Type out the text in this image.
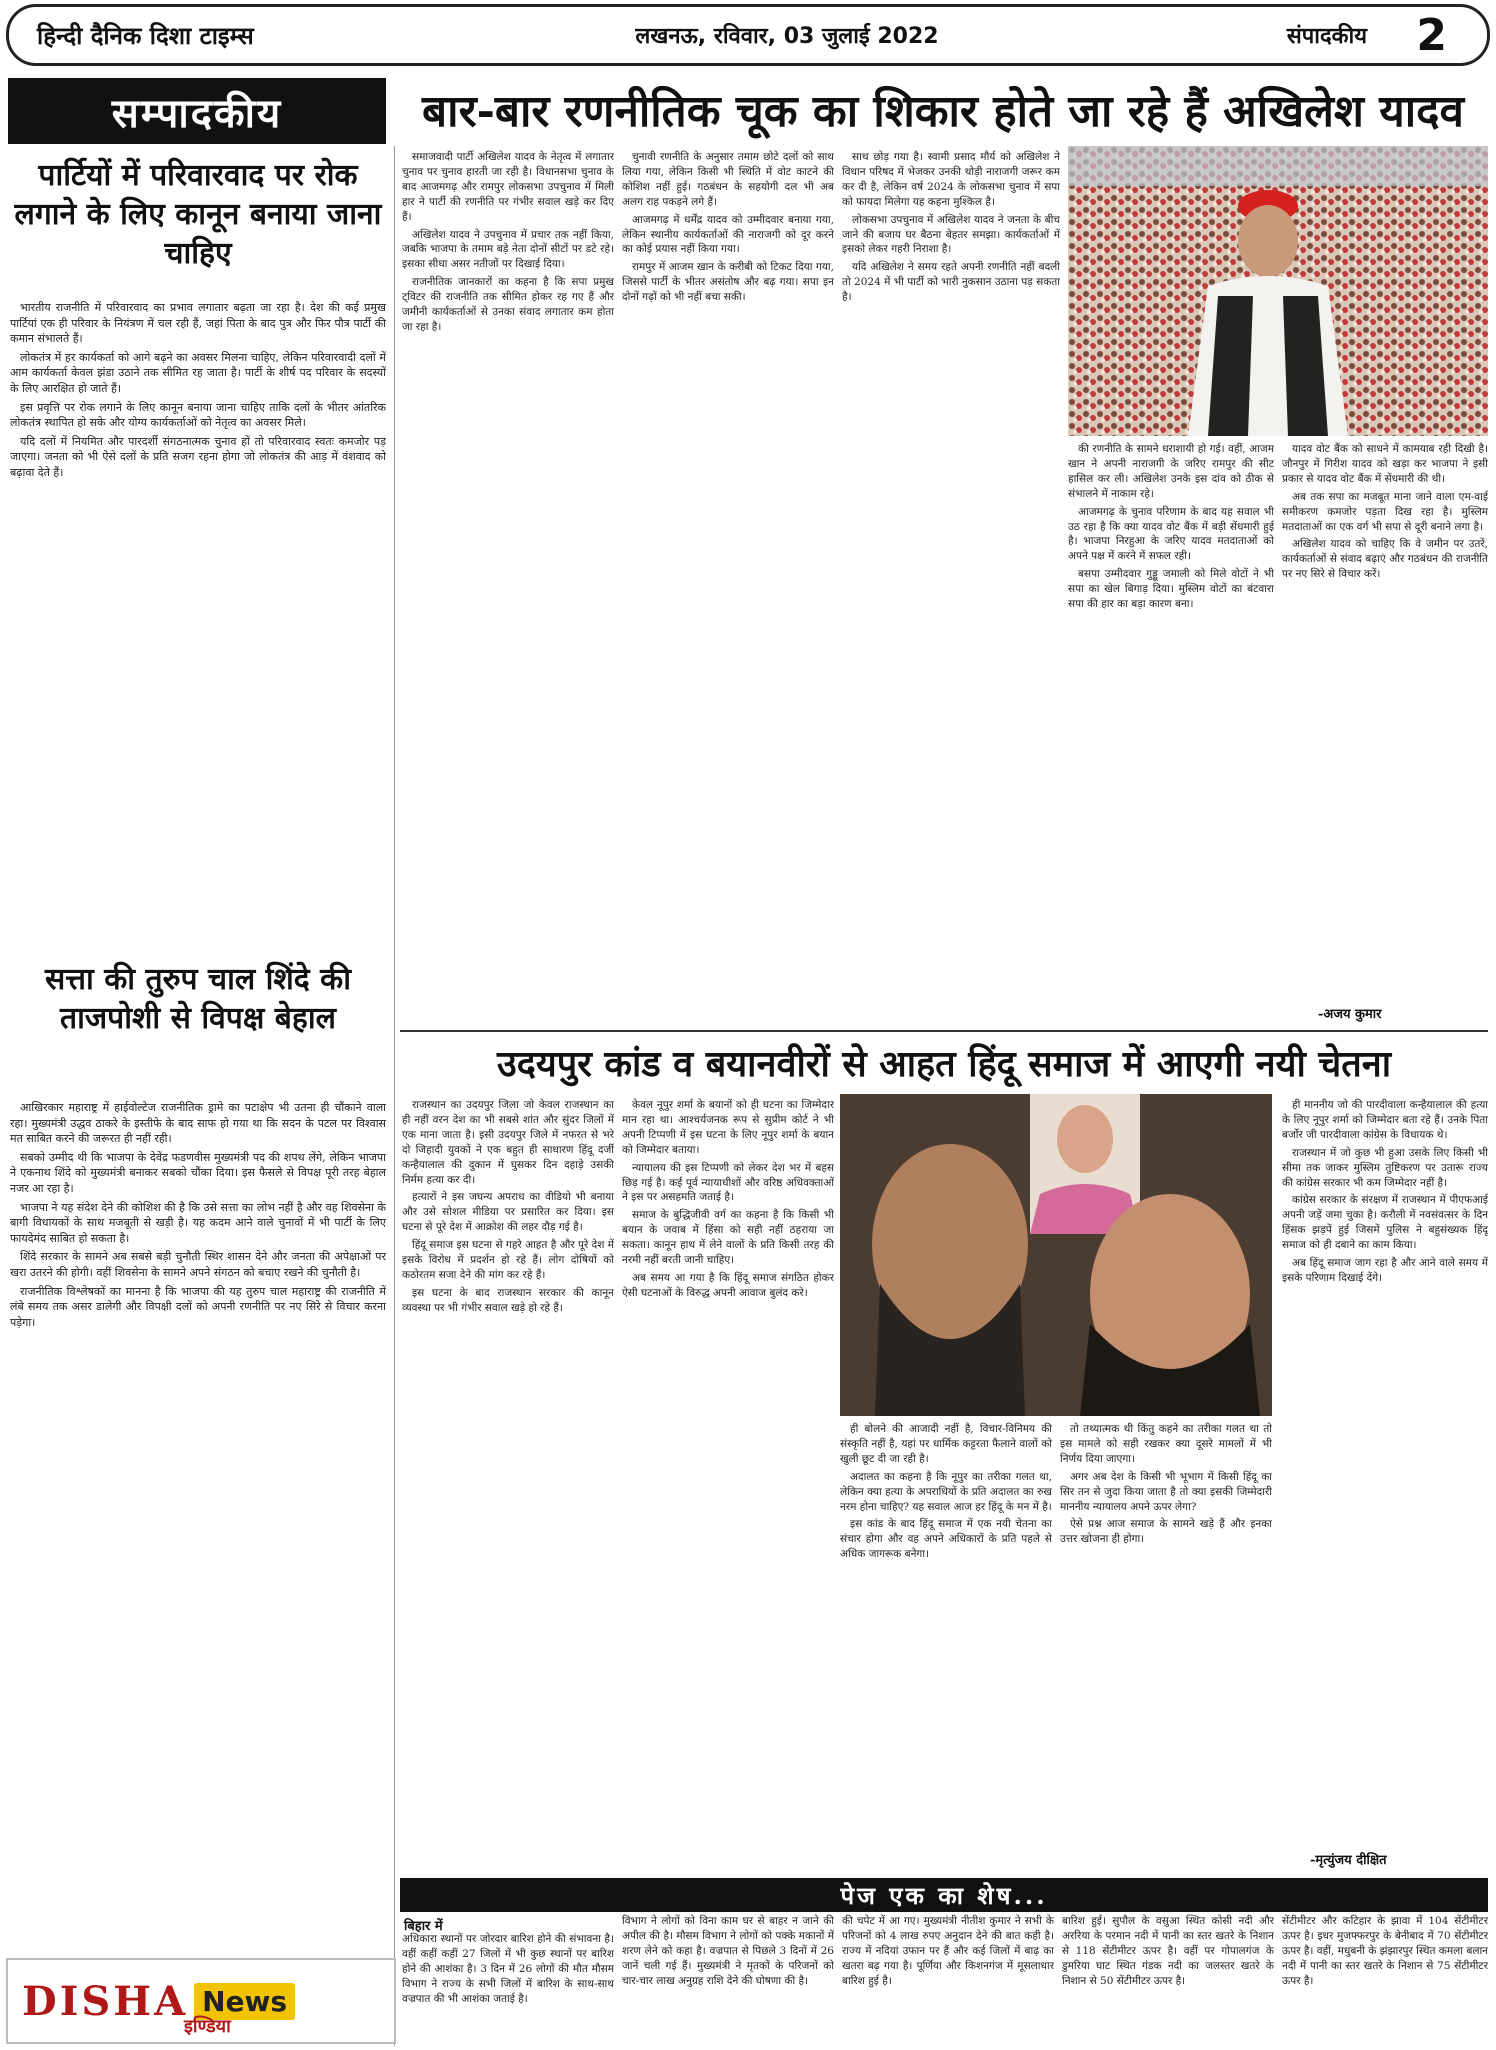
हिन्दी दैनिक दिशा टाइम्स	लखनऊ, रविवार, 03 जुलाई 2022	संपादकीय	2
सम्पादकीय	बार-बार रणनीतिक चूक का शिकार होते जा रहे हैं अखिलेश यादव
पार्टियों में परिवारवाद पर रोक लगाने के लिए कानून बनाया जाना चाहिए

भारतीय राजनीति में परिवारवाद का प्रभाव लगातार बढ़ता जा रहा है। देश की कई प्रमुख पार्टियां एक ही परिवार के नियंत्रण में चल रही हैं, जहां पिता के बाद पुत्र और फिर पौत्र पार्टी की कमान संभालते हैं।

लोकतंत्र में हर कार्यकर्ता को आगे बढ़ने का अवसर मिलना चाहिए, लेकिन परिवारवादी दलों में आम कार्यकर्ता केवल झंडा उठाने तक सीमित रह जाता है। पार्टी के शीर्ष पद परिवार के सदस्यों के लिए आरक्षित हो जाते हैं।

इस प्रवृत्ति पर रोक लगाने के लिए कानून बनाया जाना चाहिए ताकि दलों के भीतर आंतरिक लोकतंत्र स्थापित हो सके और योग्य कार्यकर्ताओं को नेतृत्व का अवसर मिले।

यदि दलों में नियमित और पारदर्शी संगठनात्मक चुनाव हों तो परिवारवाद स्वतः कमजोर पड़ जाएगा। जनता को भी ऐसे दलों के प्रति सजग रहना होगा जो लोकतंत्र की आड़ में वंशवाद को बढ़ावा देते हैं।

सत्ता की तुरुप चाल शिंदे की ताजपोशी से विपक्ष बेहाल

आखिरकार महाराष्ट्र में हाईवोल्टेज राजनीतिक ड्रामे का पटाक्षेप भी उतना ही चौंकाने वाला रहा। मुख्यमंत्री उद्धव ठाकरे के इस्तीफे के बाद साफ हो गया था कि सदन के पटल पर विश्वास मत साबित करने की जरूरत ही नहीं रही।

सबको उम्मीद थी कि भाजपा के देवेंद्र फडणवीस मुख्यमंत्री पद की शपथ लेंगे, लेकिन भाजपा ने एकनाथ शिंदे को मुख्यमंत्री बनाकर सबको चौंका दिया। इस फैसले से विपक्ष पूरी तरह बेहाल नजर आ रहा है।

भाजपा ने यह संदेश देने की कोशिश की है कि उसे सत्ता का लोभ नहीं है और वह शिवसेना के बागी विधायकों के साथ मजबूती से खड़ी है। यह कदम आने वाले चुनावों में भी पार्टी के लिए फायदेमंद साबित हो सकता है।

शिंदे सरकार के सामने अब सबसे बड़ी चुनौती स्थिर शासन देने और जनता की अपेक्षाओं पर खरा उतरने की होगी। वहीं शिवसेना के सामने अपने संगठन को बचाए रखने की चुनौती है।

राजनीतिक विश्लेषकों का मानना है कि भाजपा की यह तुरुप चाल महाराष्ट्र की राजनीति में लंबे समय तक असर डालेगी और विपक्षी दलों को अपनी रणनीति पर नए सिरे से विचार करना पड़ेगा।

समाजवादी पार्टी अखिलेश यादव के नेतृत्व में लगातार चुनाव पर चुनाव हारती जा रही है। विधानसभा चुनाव के बाद आजमगढ़ और रामपुर लोकसभा उपचुनाव में मिली हार ने पार्टी की रणनीति पर गंभीर सवाल खड़े कर दिए हैं।

अखिलेश यादव ने उपचुनाव में प्रचार तक नहीं किया, जबकि भाजपा के तमाम बड़े नेता दोनों सीटों पर डटे रहे। इसका सीधा असर नतीजों पर दिखाई दिया।

राजनीतिक जानकारों का कहना है कि सपा प्रमुख ट्विटर की राजनीति तक सीमित होकर रह गए हैं और जमीनी कार्यकर्ताओं से उनका संवाद लगातार कम होता जा रहा है।

चुनावी रणनीति के अनुसार तमाम छोटे दलों को साथ लिया गया, लेकिन किसी भी स्थिति में वोट काटने की कोशिश नहीं हुई। गठबंधन के सहयोगी दल भी अब अलग राह पकड़ने लगे हैं।

आजमगढ़ में धर्मेंद्र यादव को उम्मीदवार बनाया गया, लेकिन स्थानीय कार्यकर्ताओं की नाराजगी को दूर करने का कोई प्रयास नहीं किया गया।

रामपुर में आजम खान के करीबी को टिकट दिया गया, जिससे पार्टी के भीतर असंतोष और बढ़ गया। सपा इन दोनों गढ़ों को भी नहीं बचा सकी।

साथ छोड़ गया है। स्वामी प्रसाद मौर्य को अखिलेश ने विधान परिषद में भेजकर उनकी थोड़ी नाराजगी जरूर कम कर दी है, लेकिन वर्ष 2024 के लोकसभा चुनाव में सपा को फायदा मिलेगा यह कहना मुश्किल है।

लोकसभा उपचुनाव में अखिलेश यादव ने जनता के बीच जाने की बजाय घर बैठना बेहतर समझा। कार्यकर्ताओं में इसको लेकर गहरी निराशा है।

यदि अखिलेश ने समय रहते अपनी रणनीति नहीं बदली तो 2024 में भी पार्टी को भारी नुकसान उठाना पड़ सकता है।

की रणनीति के सामने धराशायी हो गई। वहीं, आजम खान ने अपनी नाराजगी के जरिए रामपुर की सीट हासिल कर ली। अखिलेश उनके इस दांव को ठीक से संभालने में नाकाम रहे।

आजमगढ़ के चुनाव परिणाम के बाद यह सवाल भी उठ रहा है कि क्या यादव वोट बैंक में बड़ी सेंधमारी हुई है। भाजपा निरहुआ के जरिए यादव मतदाताओं को अपने पक्ष में करने में सफल रही।

बसपा उम्मीदवार गुड्डू जमाली को मिले वोटों ने भी सपा का खेल बिगाड़ दिया। मुस्लिम वोटों का बंटवारा सपा की हार का बड़ा कारण बना।

यादव वोट बैंक को साधने में कामयाब रही दिखी है। जौनपुर में गिरीश यादव को खड़ा कर भाजपा ने इसी प्रकार से यादव वोट बैंक में सेंधमारी की थी।

अब तक सपा का मजबूत माना जाने वाला एम-वाई समीकरण कमजोर पड़ता दिख रहा है। मुस्लिम मतदाताओं का एक वर्ग भी सपा से दूरी बनाने लगा है।

अखिलेश यादव को चाहिए कि वे जमीन पर उतरें, कार्यकर्ताओं से संवाद बढ़ाएं और गठबंधन की राजनीति पर नए सिरे से विचार करें।

-अजय कुमार
उदयपुर कांड व बयानवीरों से आहत हिंदू समाज में आएगी नयी चेतना

राजस्थान का उदयपुर जिला जो केवल राजस्थान का ही नहीं वरन देश का भी सबसे शांत और सुंदर जिलों में एक माना जाता है। इसी उदयपुर जिले में नफरत से भरे दो जिहादी युवकों ने एक बहुत ही साधारण हिंदू दर्जी कन्हैयालाल की दुकान में घुसकर दिन दहाड़े उसकी निर्मम हत्या कर दी।

हत्यारों ने इस जघन्य अपराध का वीडियो भी बनाया और उसे सोशल मीडिया पर प्रसारित कर दिया। इस घटना से पूरे देश में आक्रोश की लहर दौड़ गई है।

हिंदू समाज इस घटना से गहरे आहत है और पूरे देश में इसके विरोध में प्रदर्शन हो रहे हैं। लोग दोषियों को कठोरतम सजा देने की मांग कर रहे हैं।

इस घटना के बाद राजस्थान सरकार की कानून व्यवस्था पर भी गंभीर सवाल खड़े हो रहे हैं।

केवल नूपुर शर्मा के बयानों को ही घटना का जिम्मेदार मान रहा था। आश्चर्यजनक रूप से सुप्रीम कोर्ट ने भी अपनी टिप्पणी में इस घटना के लिए नूपुर शर्मा के बयान को जिम्मेदार बताया।

न्यायालय की इस टिप्पणी को लेकर देश भर में बहस छिड़ गई है। कई पूर्व न्यायाधीशों और वरिष्ठ अधिवक्ताओं ने इस पर असहमति जताई है।

समाज के बुद्धिजीवी वर्ग का कहना है कि किसी भी बयान के जवाब में हिंसा को सही नहीं ठहराया जा सकता। कानून हाथ में लेने वालों के प्रति किसी तरह की नरमी नहीं बरती जानी चाहिए।

अब समय आ गया है कि हिंदू समाज संगठित होकर ऐसी घटनाओं के विरुद्ध अपनी आवाज बुलंद करे।

ही बोलने की आजादी नहीं है, विचार-विनिमय की संस्कृति नहीं है, यहां पर धार्मिक कट्टरता फैलाने वालों को खुली छूट दी जा रही है।

अदालत का कहना है कि नूपुर का तरीका गलत था, लेकिन क्या हत्या के अपराधियों के प्रति अदालत का रुख नरम होना चाहिए? यह सवाल आज हर हिंदू के मन में है।

इस कांड के बाद हिंदू समाज में एक नयी चेतना का संचार होगा और वह अपने अधिकारों के प्रति पहले से अधिक जागरूक बनेगा।

तो तथ्यात्मक थी किंतु कहने का तरीका गलत था तो इस मामले को सही रखकर क्या दूसरे मामलों में भी निर्णय दिया जाएगा।

अगर अब देश के किसी भी भूभाग में किसी हिंदू का सिर तन से जुदा किया जाता है तो क्या इसकी जिम्मेदारी माननीय न्यायालय अपने ऊपर लेगा?

ऐसे प्रश्न आज समाज के सामने खड़े हैं और इनका उत्तर खोजना ही होगा।

ही माननीय जो की पारदीवाला कन्हैयालाल की हत्या के लिए नूपुर शर्मा को जिम्मेदार बता रहे हैं। उनके पिता बर्जोर जी पारदीवाला कांग्रेस के विधायक थे।

राजस्थान में जो कुछ भी हुआ उसके लिए किसी भी सीमा तक जाकर मुस्लिम तुष्टिकरण पर उतारू राज्य की कांग्रेस सरकार भी कम जिम्मेदार नहीं है।

कांग्रेस सरकार के संरक्षण में राजस्थान में पीएफआई अपनी जड़ें जमा चुका है। करौली में नवसंवत्सर के दिन हिंसक झड़पें हुई जिसमें पुलिस ने बहुसंख्यक हिंदू समाज को ही दबाने का काम किया।

अब हिंदू समाज जाग रहा है और आने वाले समय में इसके परिणाम दिखाई देंगे।

-मृत्युंजय दीक्षित
पेज एक का शेष...
बिहार में
अधिकारा स्थानों पर जोरदार बारिश होने की संभावना है। वहीं कहीं कहीं 27 जिलों में भी कुछ स्थानों पर बारिश होने की आशंका है। 3 दिन में 26 लोगों की मौत मौसम विभाग ने राज्य के सभी जिलों में बारिश के साथ-साथ वज्रपात की भी आशंका जताई है।
विभाग ने लोगों को विना काम घर से बाहर न जाने की अपील की है। मौसम विभाग ने लोगों को पक्के मकानों में शरण लेने को कहा है। वज्रपात से पिछले 3 दिनों में 26 जानें चली गई हैं। मुख्यमंत्री ने मृतकों के परिजनों को चार-चार लाख अनुग्रह राशि देने की घोषणा की है।
की चपेट में आ गए। मुख्यमंत्री नीतीश कुमार ने सभी के परिजनों को 4 लाख रुपए अनुदान देने की बात कही है। राज्य में नदियां उफान पर हैं और कई जिलों में बाढ़ का खतरा बढ़ गया है। पूर्णिया और किशनगंज में मूसलाधार बारिश हुई है।
बारिश हुई। सुपौल के वसुआ स्थित कोसी नदी और अररिया के परमान नदी में पानी का स्तर खतरे के निशान से 118 सेंटीमीटर ऊपर है। वहीं पर गोपालगंज के डुमरिया घाट स्थित गंडक नदी का जलस्तर खतरे के निशान से 50 सेंटीमीटर ऊपर है।
सेंटीमीटर और कटिहार के झावा में 104 सेंटीमीटर ऊपर है। इधर मुजफ्फरपुर के बेनीबाद में 70 सेंटीमीटर ऊपर है। वहीं, मधुबनी के झंझारपुर स्थित कमला बलान नदी में पानी का स्तर खतरे के निशान से 75 सेंटीमीटर ऊपर है।
DISHA News
इण्डिया
